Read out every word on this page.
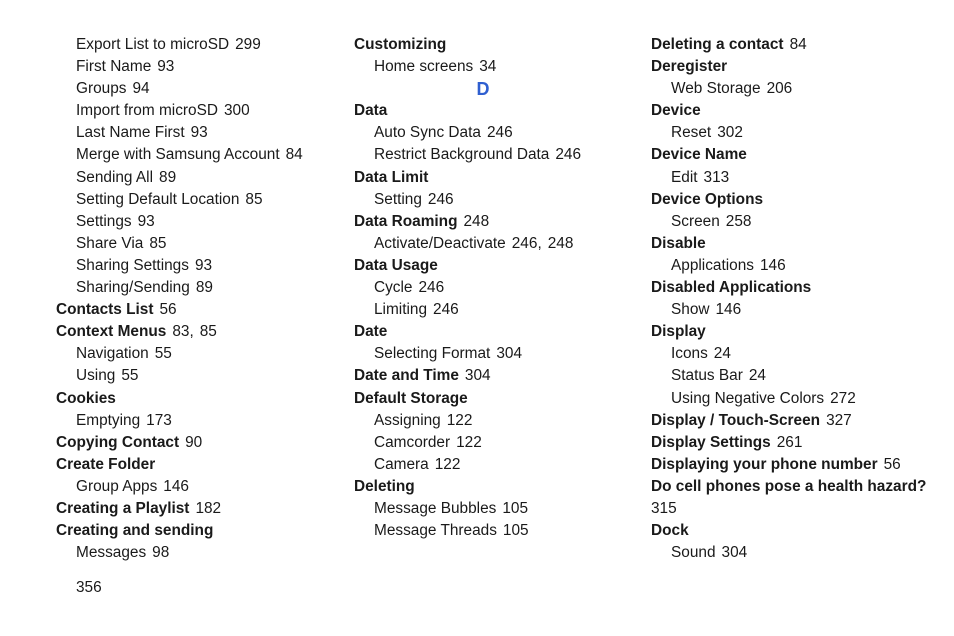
Export List to microSD 299
First Name 93
Groups 94
Import from microSD 300
Last Name First 93
Merge with Samsung Account 84
Sending All 89
Setting Default Location 85
Settings 93
Share Via 85
Sharing Settings 93
Sharing/Sending 89
Contacts List 56
Context Menus 83, 85
Navigation 55
Using 55
Cookies
Emptying 173
Copying Contact 90
Create Folder
Group Apps 146
Creating a Playlist 182
Creating and sending
Messages 98
Customizing
Home screens 34
D
Data
Auto Sync Data 246
Restrict Background Data 246
Data Limit
Setting 246
Data Roaming 248
Activate/Deactivate 246, 248
Data Usage
Cycle 246
Limiting 246
Date
Selecting Format 304
Date and Time 304
Default Storage
Assigning 122
Camcorder 122
Camera 122
Deleting
Message Bubbles 105
Message Threads 105
Deleting a contact 84
Deregister
Web Storage 206
Device
Reset 302
Device Name
Edit 313
Device Options
Screen 258
Disable
Applications 146
Disabled Applications
Show 146
Display
Icons 24
Status Bar 24
Using Negative Colors 272
Display / Touch-Screen 327
Display Settings 261
Displaying your phone number 56
Do cell phones pose a health hazard?
315
Dock
Sound 304
356
